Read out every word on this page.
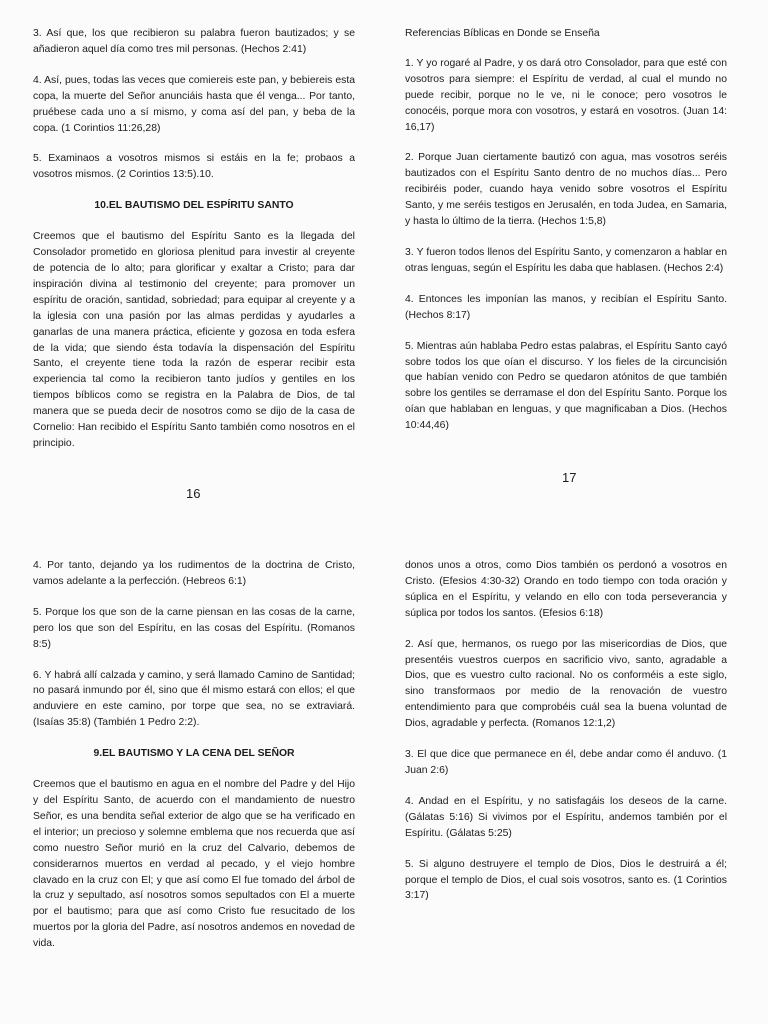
3. Así que, los que recibieron su palabra fueron bautizados; y se añadieron aquel día como tres mil personas. (Hechos 2:41)

4. Así, pues, todas las veces que comiereis este pan, y bebiereis esta copa, la muerte del Señor anunciáis hasta que él venga... Por tanto, pruébese cada uno a sí mismo, y coma así del pan, y beba de la copa. (1 Corintios 11:26,28)

5. Examinaos a vosotros mismos si estáis en la fe; probaos a vosotros mismos. (2 Corintios 13:5).10.

10.EL BAUTISMO DEL ESPÍRITU SANTO

Creemos que el bautismo del Espíritu Santo es la llegada del Consolador prometido en gloriosa plenitud para investir al creyente de potencia de lo alto; para glorificar y exaltar a Cristo; para dar inspiración divina al testimonio del creyente; para promover un espíritu de oración, santidad, sobriedad; para equipar al creyente y a la iglesia con una pasión por las almas perdidas y ayudarles a ganarlas de una manera práctica, eficiente y gozosa en toda esfera de la vida; que siendo ésta todavía la dispensación del Espíritu Santo, el creyente tiene toda la razón de esperar recibir esta experiencia tal como la recibieron tanto judíos y gentiles en los tiempos bíblicos como se registra en la Palabra de Dios, de tal manera que se pueda decir de nosotros como se dijo de la casa de Cornelio: Han recibido el Espíritu Santo también como nosotros en el principio.

16

Referencias Bíblicas en Donde se Enseña

1. Y yo rogaré al Padre, y os dará otro Consolador, para que esté con vosotros para siempre: el Espíritu de verdad, al cual el mundo no puede recibir, porque no le ve, ni le conoce; pero vosotros le conocéis, porque mora con vosotros, y estará en vosotros. (Juan 14: 16,17)

2. Porque Juan ciertamente bautizó con agua, mas vosotros seréis bautizados con el Espíritu Santo dentro de no muchos días... Pero recibiréis poder, cuando haya venido sobre vosotros el Espíritu Santo, y me seréis testigos en Jerusalén, en toda Judea, en Samaria, y hasta lo último de la tierra. (Hechos 1:5,8)

3. Y fueron todos llenos del Espíritu Santo, y comenzaron a hablar en otras lenguas, según el Espíritu les daba que hablasen. (Hechos 2:4)

4. Entonces les imponían las manos, y recibían el Espíritu Santo. (Hechos 8:17)

5. Mientras aún hablaba Pedro estas palabras, el Espíritu Santo cayó sobre todos los que oían el discurso. Y los fieles de la circuncisión que habían venido con Pedro se quedaron atónitos de que también sobre los gentiles se derramase el don del Espíritu Santo. Porque los oían que hablaban en lenguas, y que magnificaban a Dios. (Hechos 10:44,46)

17

4. Por tanto, dejando ya los rudimentos de la doctrina de Cristo, vamos adelante a la perfección. (Hebreos 6:1)

5. Porque los que son de la carne piensan en las cosas de la carne, pero los que son del Espíritu, en las cosas del Espíritu. (Romanos 8:5)

6. Y habrá allí calzada y camino, y será llamado Camino de Santidad; no pasará inmundo por él, sino que él mismo estará con ellos; el que anduviere en este camino, por torpe que sea, no se extraviará. (Isaías 35:8) (También 1 Pedro 2:2).

9.EL BAUTISMO Y LA CENA DEL SEÑOR

Creemos que el bautismo en agua en el nombre del Padre y del Hijo y del Espíritu Santo, de acuerdo con el mandamiento de nuestro Señor, es una bendita señal exterior de algo que se ha verificado en el interior; un precioso y solemne emblema que nos recuerda que así como nuestro Señor murió en la cruz del Calvario, debemos de considerarnos muertos en verdad al pecado, y el viejo hombre clavado en la cruz con El; y que así como El fue tomado del árbol de la cruz y sepultado, así nosotros somos sepultados con El a muerte por el bautismo; para que así como Cristo fue resucitado de los muertos por la gloria del Padre, así nosotros andemos en novedad de vida.

donos unos a otros, como Dios también os perdonó a vosotros en Cristo. (Efesios 4:30-32) Orando en todo tiempo con toda oración y súplica en el Espíritu, y velando en ello con toda perseverancia y súplica por todos los santos. (Efesios 6:18)

2. Así que, hermanos, os ruego por las misericordias de Dios, que presentéis vuestros cuerpos en sacrificio vivo, santo, agradable a Dios, que es vuestro culto racional. No os conforméis a este siglo, sino transformaos por medio de la renovación de vuestro entendimiento para que comprobéis cuál sea la buena voluntad de Dios, agradable y perfecta. (Romanos 12:1,2)

3. El que dice que permanece en él, debe andar como él anduvo. (1 Juan 2:6)

4. Andad en el Espíritu, y no satisfagáis los deseos de la carne. (Gálatas 5:16) Si vivimos por el Espíritu, andemos también por el Espíritu. (Gálatas 5:25)

5. Si alguno destruyere el templo de Dios, Dios le destruirá a él; porque el templo de Dios, el cual sois vosotros, santo es. (1 Corintios 3:17)
